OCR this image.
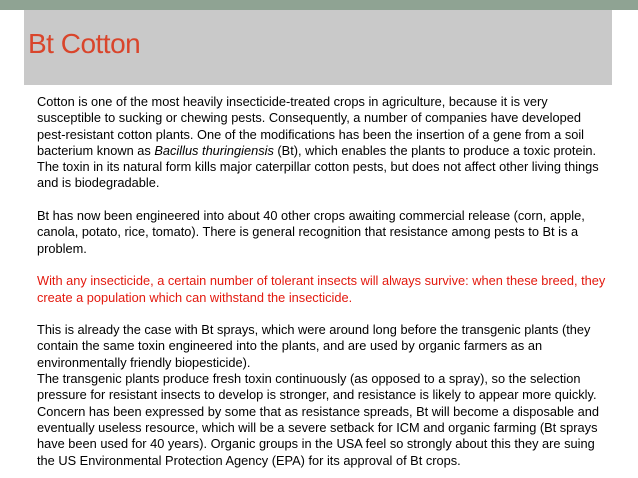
Bt Cotton

Cotton is one of the most heavily insecticide-treated crops in agriculture, because it is very susceptible to sucking or chewing pests. Consequently, a number of companies have developed pest-resistant cotton plants. One of the modifications has been the insertion of a gene from a soil bacterium known as Bacillus thuringiensis (Bt), which enables the plants to produce a toxic protein. The toxin in its natural form kills major caterpillar cotton pests, but does not affect other living things and is biodegradable.

Bt has now been engineered into about 40 other crops awaiting commercial release (corn, apple, canola, potato, rice, tomato). There is general recognition that resistance among pests to Bt is a problem.

With any insecticide, a certain number of tolerant insects will always survive: when these breed, they create a population which can withstand the insecticide.

This is already the case with Bt sprays, which were around long before the transgenic plants (they contain the same toxin engineered into the plants, and are used by organic farmers as an environmentally friendly biopesticide).

The transgenic plants produce fresh toxin continuously (as opposed to a spray), so the selection pressure for resistant insects to develop is stronger, and resistance is likely to appear more quickly. Concern has been expressed by some that as resistance spreads, Bt will become a disposable and eventually useless resource, which will be a severe setback for ICM and organic farming (Bt sprays have been used for 40 years). Organic groups in the USA feel so strongly about this they are suing the US Environmental Protection Agency (EPA) for its approval of Bt crops.
